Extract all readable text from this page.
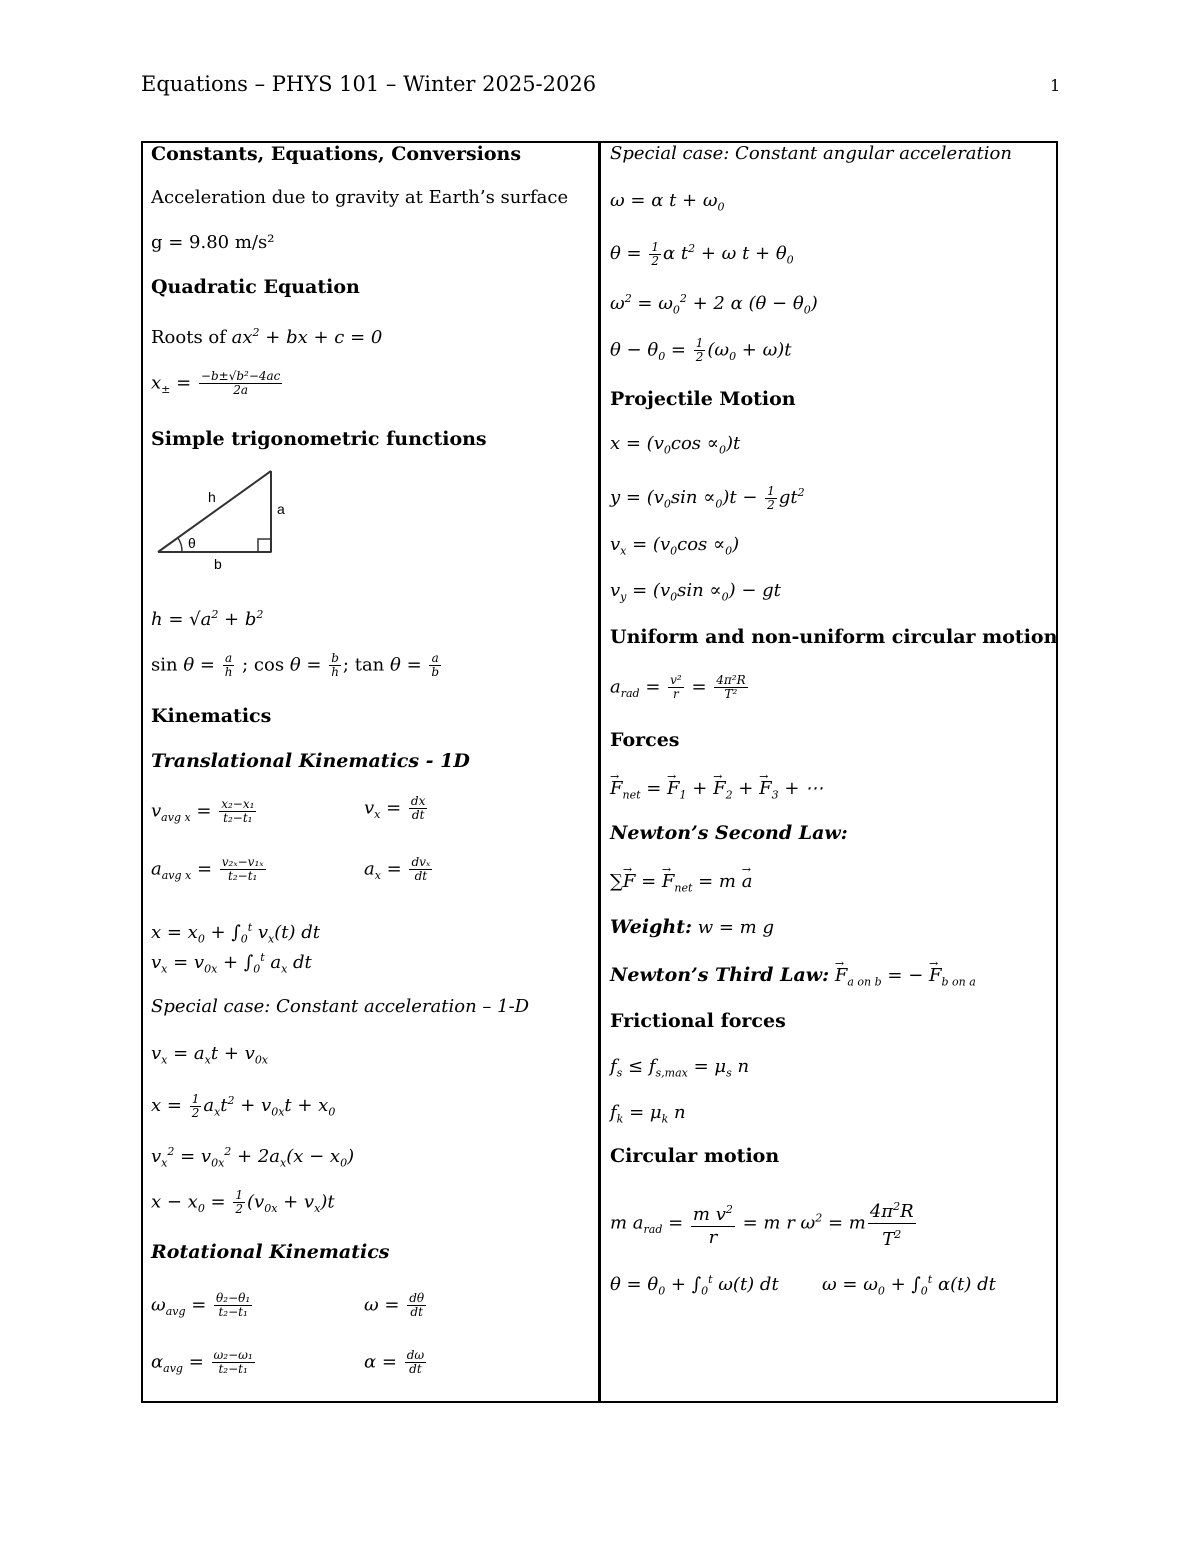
Equations – PHYS 101 – Winter 2025-2026	1
Constants, Equations, Conversions
Acceleration due to gravity at Earth’s surface
g = 9.80 m/s²
Quadratic Equation
Roots of $ax^2$ + bx + c = 0
$x_\pm = \frac{\text{−b±√b²−4ac}}{2a}$
Simple trigonometric functions
h
a
b
θ
$h = √a^2 + b^2$
$\sin \theta = \frac{a}{h}$ ; $\cos \theta = \frac{b}{h}$ ; $\tan \theta = \frac{a}{b}$
Kinematics
Translational Kinematics - 1D
$v_{avg x} = \frac{\text{x₂−x₁}}{\text{t₂−t₁}}$	$v_x = \frac{dx}{dt}$
$a_{avg x} = \frac{\text{v₂ₓ−v₁ₓ}}{\text{t₂−t₁}}$	$a_x = \frac{\text{dvₓ}}{dt}$
$x = x_0 + \int_0^t$ $v_x(t)$ dt
$v_x = v_{0x} + \int_0^t$ $a_x$ dt
Special case: Constant acceleration – 1-D
$v_x = a_xt + v_{0x}$
$x = \frac{1}{2} a_xt^2 + v_{0x}t + x_0$
$v_x^2 = v_{0x}^2 + 2a_x(x - x_0)$
$x - x_0 = \frac{1}{2} (v_{0x} + v_x)t$
Rotational Kinematics
$\omega_{avg} = \frac{\text{θ₂−θ₁}}{\text{t₂−t₁}}$	$\omega = \frac{d\theta}{dt}$
$\alpha_{avg} = \frac{\text{ω₂−ω₁}}{\text{t₂−t₁}}$	$\alpha = \frac{d\omega}{dt}$
Special case: Constant angular acceleration
ω = α $t + \omega_0$
$\theta = \frac{1}{2}$ α $t^2 + \omega$ $t + \theta_0$
$\omega^2 = \omega_0^2 + 2$ α $(\theta - \theta_0)$
$\theta - \theta_0 = \frac{1}{2} (\omega_0 + \omega)t$
Projectile Motion
$x = (v_0\cos \propto_0)t$
$y = (v_0\sin \propto_0)t - \frac{1}{2} gt^2$
$v_x = (v_0\cos \propto_0)$
$v_y = (v_0\sin \propto_0)$ − gt
Uniform and non-uniform circular motion
$a_{rad} = \frac{\text{v²}}{r} = \frac{\text{4π²R}}{\text{T²}}$
Forces
→ $F_{net}$ = → $F_1$ + → $F_2$ + → $F_3$ + ⋯
Newton’s Second Law:
∑→ F = → $F_{net} = m \to a$
Weight: w = m g
Newton’s Third Law: → $F_{a on b}$ = − → $F_{b on a}$
Frictional forces
$f_s \le f_{s,max} = \mu_s$ n
$f_k = \mu_k$ n
Circular motion
m $a_{rad} = \frac{m v^2}{r} = m$ r $\omega^2 = m \frac{4\pi^2R}{T^2}$
$\theta = \theta_0 + \int_0^t$ ω(t) dt $\omega = \omega_0 + \int_0^t$ α(t) dt
